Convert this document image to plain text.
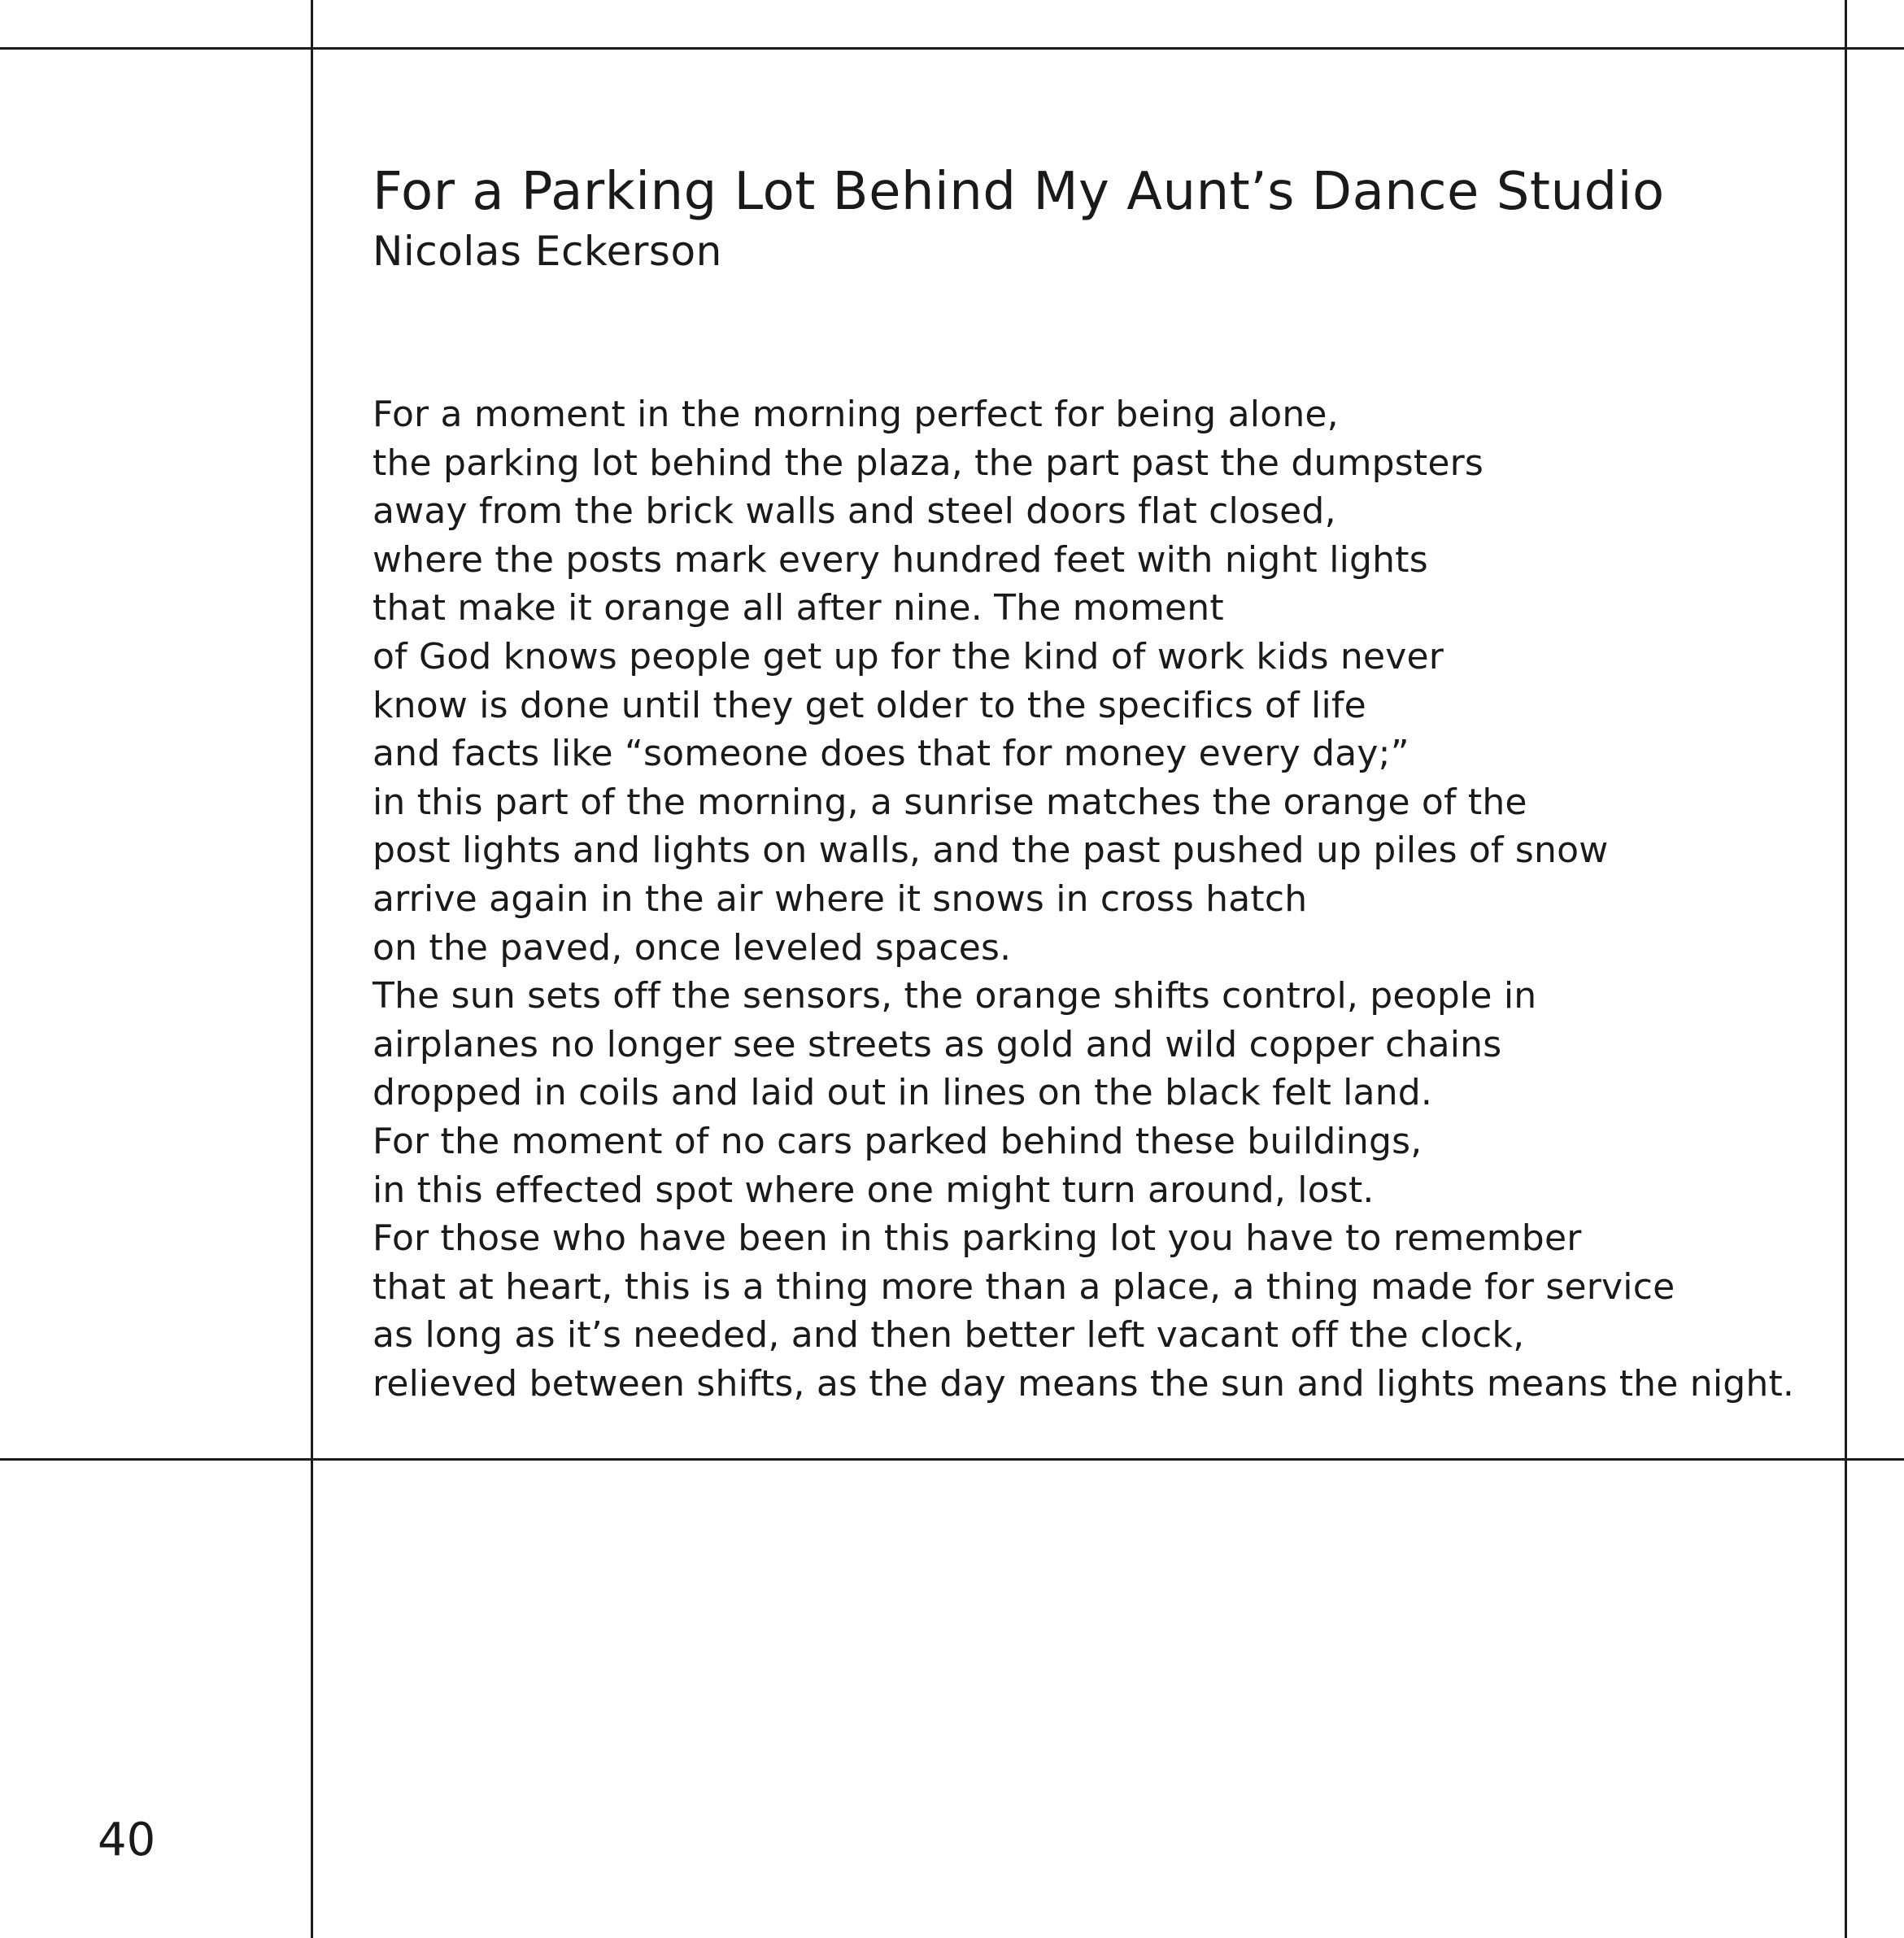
For a Parking Lot Behind My Aunt’s Dance Studio
Nicolas Eckerson
For a moment in the morning perfect for being alone,
the parking lot behind the plaza, the part past the dumpsters
away from the brick walls and steel doors flat closed,
where the posts mark every hundred feet with night lights
that make it orange all after nine. The moment
of God knows people get up for the kind of work kids never
know is done until they get older to the specifics of life
and facts like “someone does that for money every day;”
in this part of the morning, a sunrise matches the orange of the
post lights and lights on walls, and the past pushed up piles of snow
arrive again in the air where it snows in cross hatch
on the paved, once leveled spaces.
The sun sets off the sensors, the orange shifts control, people in
airplanes no longer see streets as gold and wild copper chains
dropped in coils and laid out in lines on the black felt land.
For the moment of no cars parked behind these buildings,
in this effected spot where one might turn around, lost.
For those who have been in this parking lot you have to remember
that at heart, this is a thing more than a place, a thing made for service
as long as it’s needed, and then better left vacant off the clock,
relieved between shifts, as the day means the sun and lights means the night.
40
